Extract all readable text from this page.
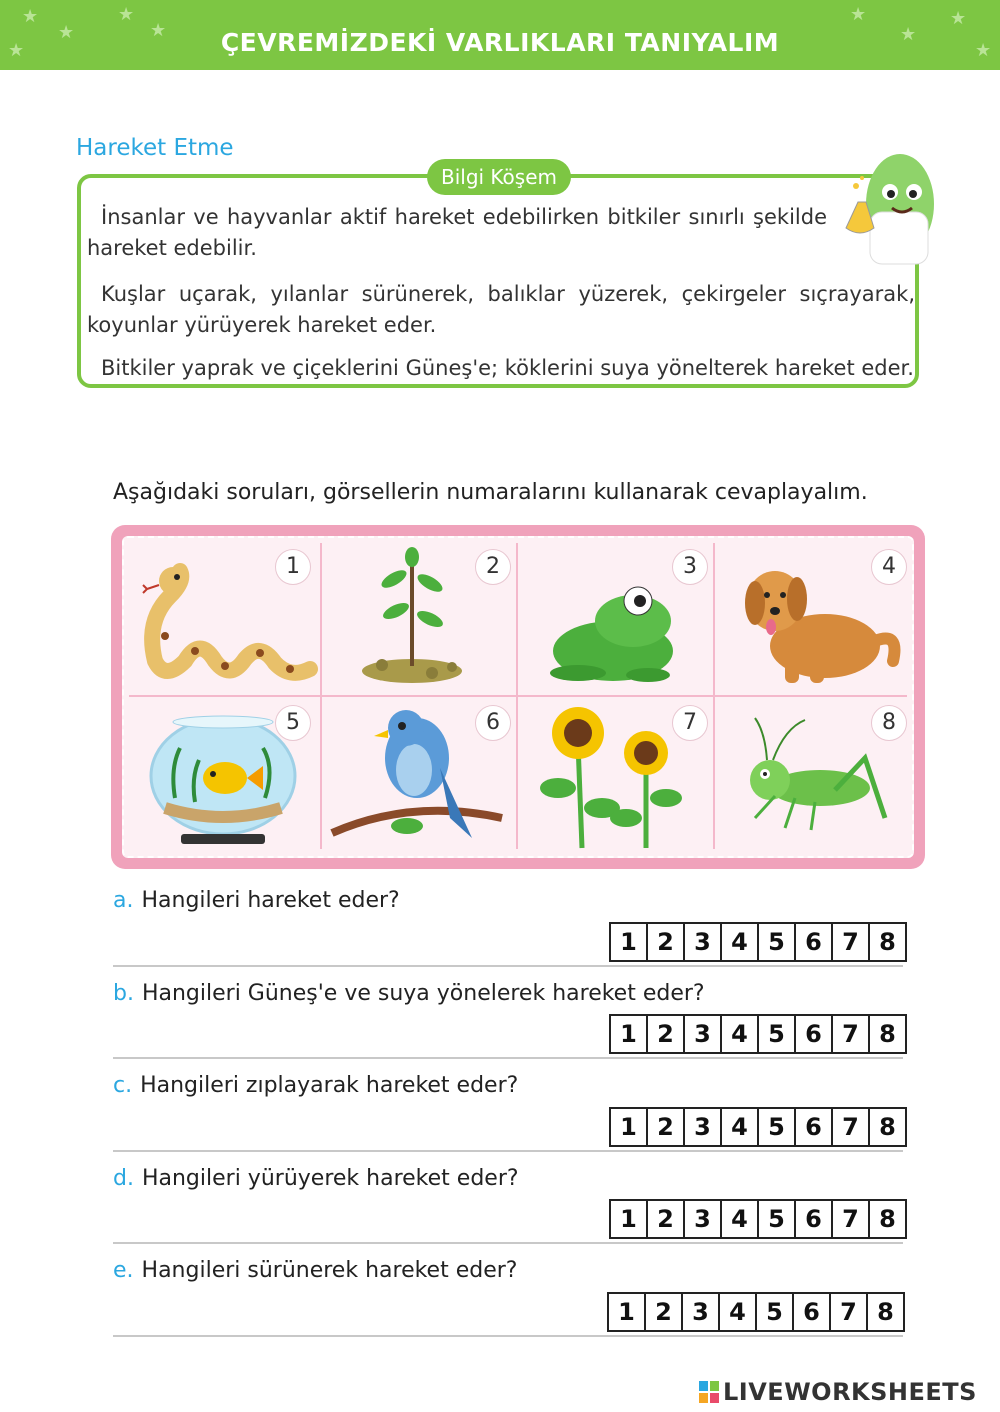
★
★
★
★
★
★
★
★
★
ÇEVREMİZDEKİ VARLIKLARI TANIYALIM
Hareket Etme
Bilgi Köşem
İnsanlar ve hayvanlar aktif hareket edebilirken bitkiler sınırlı şekilde hareket edebilir.
Kuşlar uçarak, yılanlar sürünerek, balıklar yüzerek, çekirgeler sıçrayarak, koyunlar yürüyerek hareket eder.
Bitkiler yaprak ve çiçeklerini Güneş'e; köklerini suya yönelterek hareket eder.
Aşağıdaki soruları, görsellerin numaralarını kullanarak cevaplayalım.
1	2	3	4
5	6	7	8
a. Hangileri hareket eder?
1 2 3 4 5 6 7 8
b. Hangileri Güneş'e ve suya yönelerek hareket eder?
1 2 3 4 5 6 7 8
c. Hangileri zıplayarak hareket eder?
1 2 3 4 5 6 7 8
d. Hangileri yürüyerek hareket eder?
1 2 3 4 5 6 7 8
e. Hangileri sürünerek hareket eder?
1 2 3 4 5 6 7 8
LIVEWORKSHEETS
